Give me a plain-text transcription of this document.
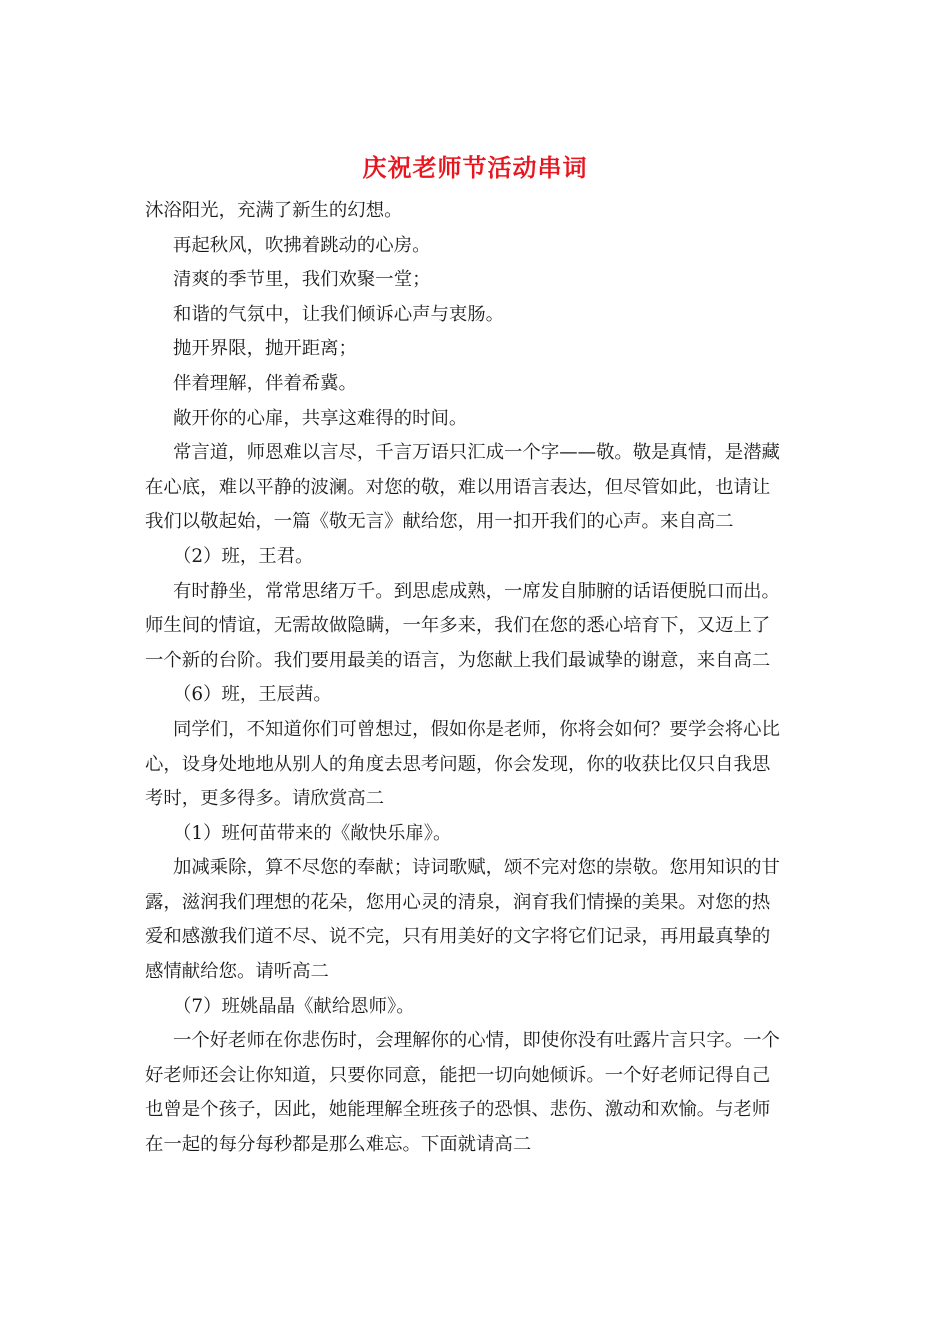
庆祝老师节活动串词
沐浴阳光，充满了新生的幻想。
再起秋风，吹拂着跳动的心房。
清爽的季节里，我们欢聚一堂；
和谐的气氛中，让我们倾诉心声与衷肠。
抛开界限，抛开距离；
伴着理解，伴着希冀。
敞开你的心扉，共享这难得的时间。
常言道，师恩难以言尽，千言万语只汇成一个字——敬。敬是真情，是潜藏
在心底，难以平静的波澜。对您的敬，难以用语言表达，但尽管如此，也请让
我们以敬起始，一篇《敬无言》献给您，用一扣开我们的心声。来自高二
（2）班，王君。
有时静坐，常常思绪万千。到思虑成熟，一席发自肺腑的话语便脱口而出。
师生间的情谊，无需故做隐瞒，一年多来，我们在您的悉心培育下，又迈上了
一个新的台阶。我们要用最美的语言，为您献上我们最诚挚的谢意，来自高二
（6）班，王辰茜。
同学们，不知道你们可曾想过，假如你是老师，你将会如何？要学会将心比
心，设身处地地从别人的角度去思考问题，你会发现，你的收获比仅只自我思
考时，更多得多。请欣赏高二
（1）班何苗带来的《敞快乐扉》。
加减乘除，算不尽您的奉献；诗词歌赋，颂不完对您的崇敬。您用知识的甘
露，滋润我们理想的花朵，您用心灵的清泉，润育我们情操的美果。对您的热
爱和感激我们道不尽、说不完，只有用美好的文字将它们记录，再用最真挚的
感情献给您。请听高二
（7）班姚晶晶《献给恩师》。
一个好老师在你悲伤时，会理解你的心情，即使你没有吐露片言只字。一个
好老师还会让你知道，只要你同意，能把一切向她倾诉。一个好老师记得自己
也曾是个孩子，因此，她能理解全班孩子的恐惧、悲伤、激动和欢愉。与老师
在一起的每分每秒都是那么难忘。下面就请高二
